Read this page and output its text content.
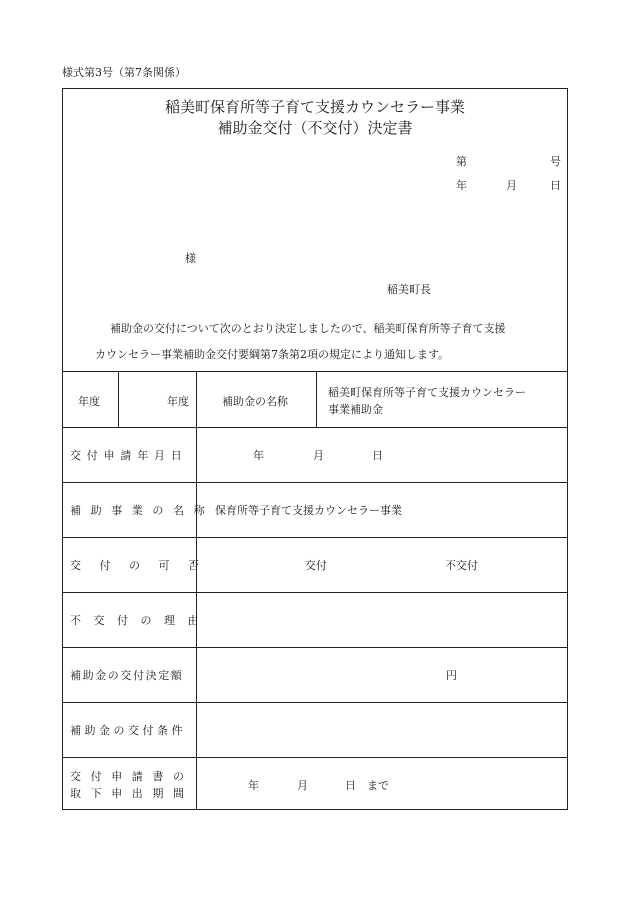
様式第3号（第7条関係）
稲美町保育所等子育て支援カウンセラー事業
補助金交付（不交付）決定書
第	号
年	月	日
様
稲美町長
補助金の交付について次のとおり決定しましたので、稲美町保育所等子育て支援
カウンセラー事業補助金交付要綱第7条第2項の規定により通知します。
年度	年度	補助金の名称
稲美町保育所等子育て支援カウンセラー
事業補助金
交付申請年月日	年	月	日
補助事業の名称 保育所等子育て支援カウンセラー事業
交付の可否	交付	不交付
不交付の理由
補助金の交付決定額	円
補助金の交付条件
交付申請書の
取下申出期間
年	月	日　まで
